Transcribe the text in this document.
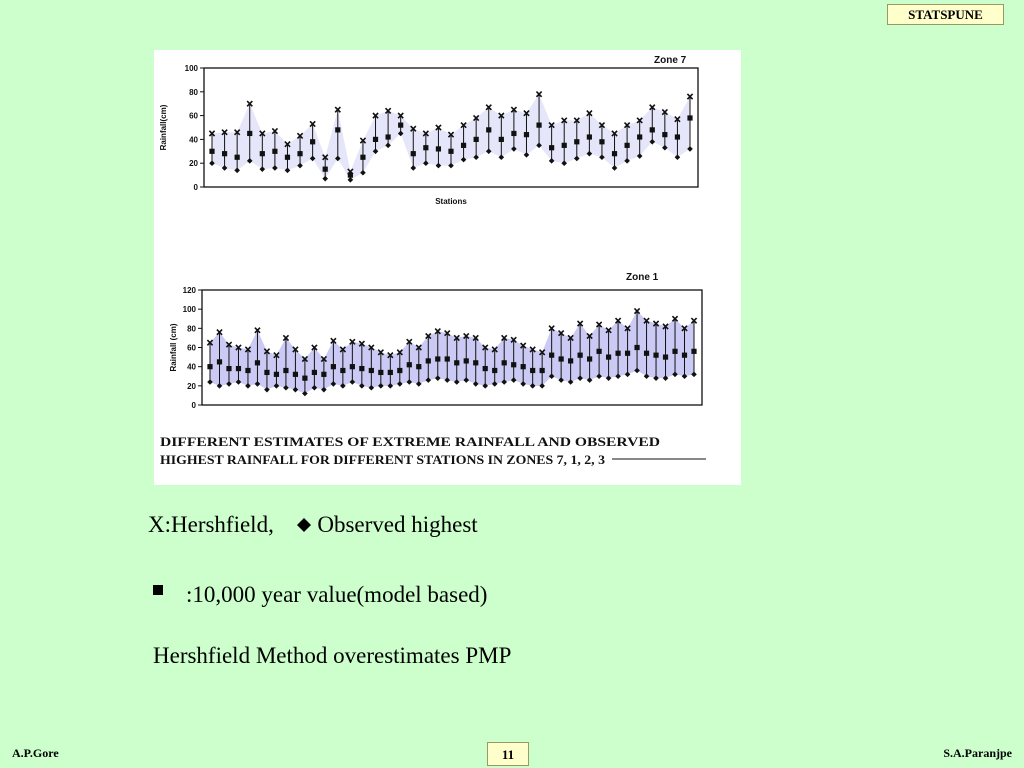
STATSPUNE
0
20
40
60
80
100
Zone 7
Rainfall(cm)
Stations
0
20
40
60
80
100
120
Zone 1
Rainfall (cm)
DIFFERENT ESTIMATES OF EXTREME RAINFALL AND OBSERVED
HIGHEST RAINFALL FOR DIFFERENT STATIONS IN ZONES 7, 1, 2, 3
X:Hershfield, Observed highest
:10,000 year value(model based)
Hershfield Method overestimates PMP
A.P.Gore	11	S.A.Paranjpe
